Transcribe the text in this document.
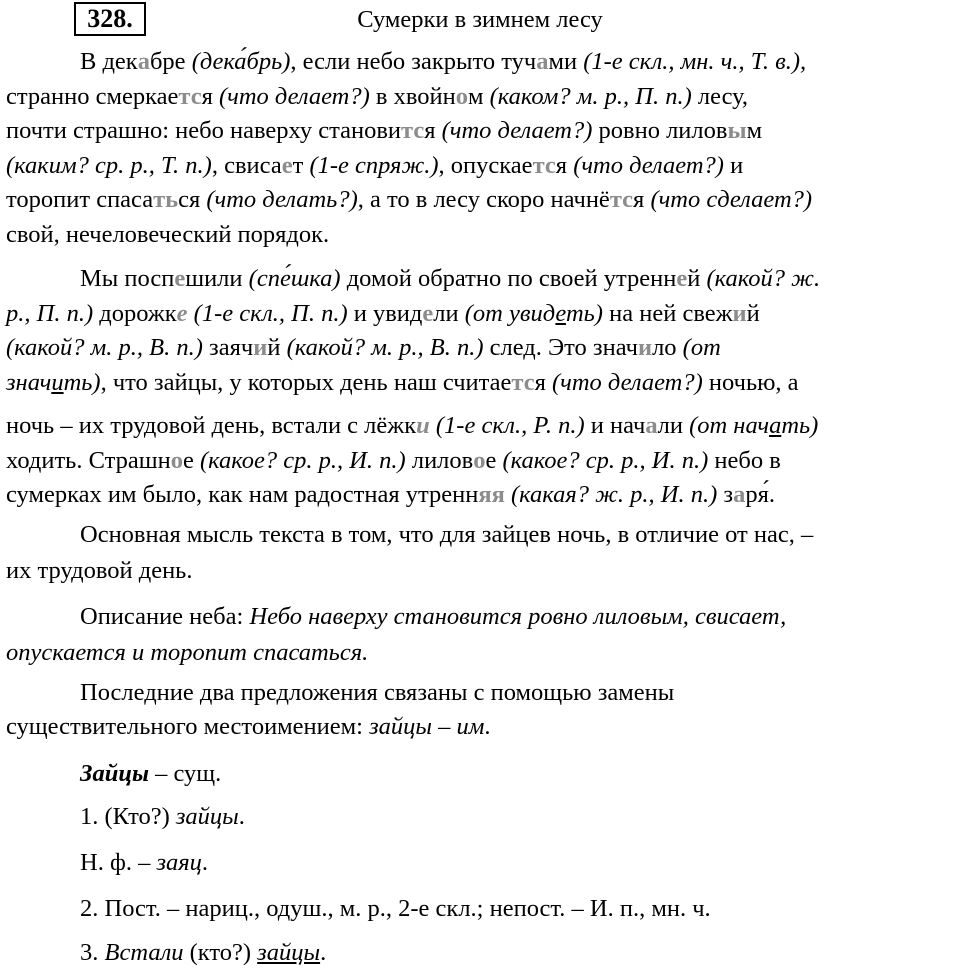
328.	Сумерки в зимнем лесу
В декабре (дека́брь), если небо закрыто тучами (1-е скл., мн. ч., Т. в.),
странно смеркается (что делает?) в хвойном (каком? м. р., П. п.) лесу,
почти страшно: небо наверху становится (что делает?) ровно лиловым
(каким? ср. р., Т. п.), свисает (1-е спряж.), опускается (что делает?) и
торопит спасаться (что делать?), а то в лесу скоро начнётся (что сделает?)
свой, нечеловеческий порядок.
Мы поспешили (спе́шка) домой обратно по своей утренней (какой? ж.
р., П. п.) дорожке (1-е скл., П. п.) и увидели (от увидеть) на ней свежий
(какой? м. р., В. п.) заячий (какой? м. р., В. п.) след. Это значило (от
значить), что зайцы, у которых день наш считается (что делает?) ночью, а
ночь – их трудовой день, встали с лёжки (1-е скл., Р. п.) и начали (от начать)
ходить. Страшное (какое? ср. р., И. п.) лиловое (какое? ср. р., И. п.) небо в
сумерках им было, как нам радостная утренняя (какая? ж. р., И. п.) заря́.
Основная мысль текста в том, что для зайцев ночь, в отличие от нас, –
их трудовой день.
Описание неба: Небо наверху становится ровно лиловым, свисает,
опускается и торопит спасаться.
Последние два предложения связаны с помощью замены
существительного местоимением: зайцы – им.
Зайцы – сущ.
1. (Кто?) зайцы.
Н. ф. – заяц.
2. Пост. – нариц., одуш., м. р., 2-е скл.; непост. – И. п., мн. ч.
3. Встали (кто?) зайцы.
